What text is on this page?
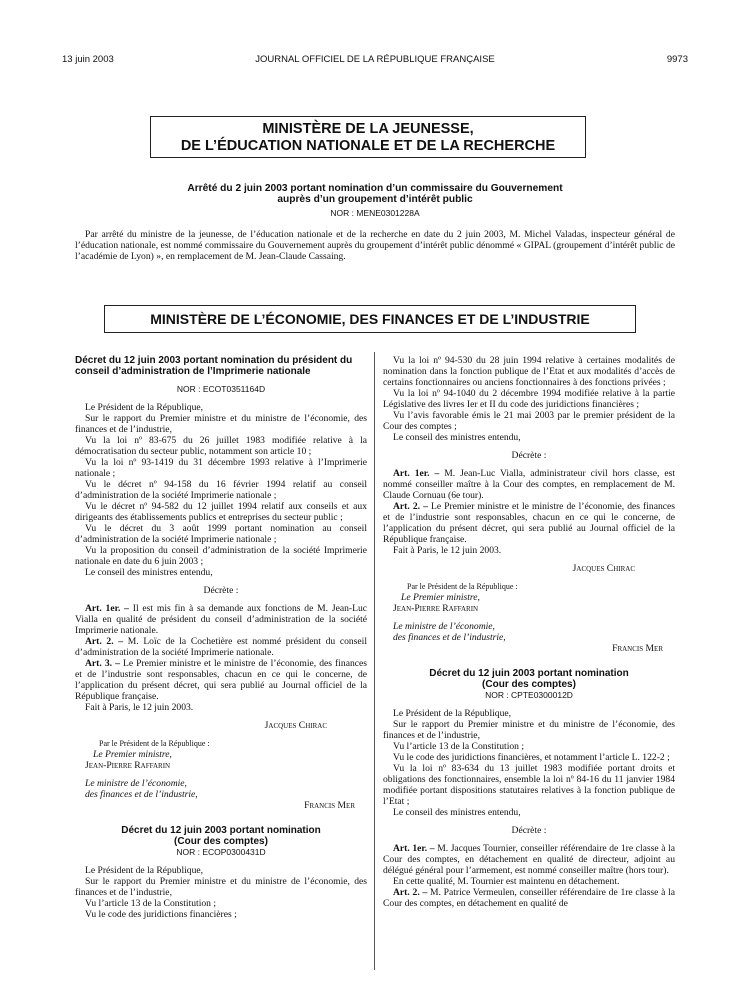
13 juin 2003	JOURNAL OFFICIEL DE LA RÉPUBLIQUE FRANÇAISE	9973
MINISTÈRE DE LA JEUNESSE,
DE L’ÉDUCATION NATIONALE ET DE LA RECHERCHE
Arrêté du 2 juin 2003 portant nomination d’un commissaire du Gouvernement
auprès d’un groupement d’intérêt public
NOR : MENE0301228A
Par arrêté du ministre de la jeunesse, de l’éducation nationale et de la recherche en date du 2 juin 2003, M. Michel Valadas, inspecteur général de l’éducation nationale, est nommé commissaire du Gouvernement auprès du groupement d’intérêt public dénommé « GIPAL (groupement d’intérêt public de l’académie de Lyon) », en remplacement de M. Jean-Claude Cassaing.
MINISTÈRE DE L’ÉCONOMIE, DES FINANCES ET DE L’INDUSTRIE

Décret du 12 juin 2003 portant nomination du président du conseil d’administration de l’Imprimerie nationale

NOR : ECOT0351164D

Le Président de la République,

Sur le rapport du Premier ministre et du ministre de l’économie, des finances et de l’industrie,

Vu la loi nº 83-675 du 26 juillet 1983 modifiée relative à la démocratisation du secteur public, notamment son article 10 ;

Vu la loi nº 93-1419 du 31 décembre 1993 relative à l’Imprimerie nationale ;

Vu le décret nº 94-158 du 16 février 1994 relatif au conseil d’administration de la société Imprimerie nationale ;

Vu le décret nº 94-582 du 12 juillet 1994 relatif aux conseils et aux dirigeants des établissements publics et entreprises du secteur public ;

Vu le décret du 3 août 1999 portant nomination au conseil d’administration de la société Imprimerie nationale ;

Vu la proposition du conseil d’administration de la société Imprimerie nationale en date du 6 juin 2003 ;

Le conseil des ministres entendu,

Décrète :

Art. 1er. – Il est mis fin à sa demande aux fonctions de M. Jean-Luc Vialla en qualité de président du conseil d’administration de la société Imprimerie nationale.

Art. 2. – M. Loïc de la Cochetière est nommé président du conseil d’administration de la société Imprimerie nationale.

Art. 3. – Le Premier ministre et le ministre de l’économie, des finances et de l’industrie sont responsables, chacun en ce qui le concerne, de l’application du présent décret, qui sera publié au Journal officiel de la République française.

Fait à Paris, le 12 juin 2003.

Jacques Chirac

Par le Président de la République :

Le Premier ministre,

Jean-Pierre Raffarin

Le ministre de l’économie,

des finances et de l’industrie,

Francis Mer

Décret du 12 juin 2003 portant nomination

(Cour des comptes)

NOR : ECOP0300431D

Le Président de la République,

Sur le rapport du Premier ministre et du ministre de l’économie, des finances et de l’industrie,

Vu l’article 13 de la Constitution ;

Vu le code des juridictions financières ;

Vu la loi nº 94-530 du 28 juin 1994 relative à certaines modalités de nomination dans la fonction publique de l’Etat et aux modalités d’accès de certains fonctionnaires ou anciens fonctionnaires à des fonctions privées ;

Vu la loi nº 94-1040 du 2 décembre 1994 modifiée relative à la partie Législative des livres Ier et II du code des juridictions financières ;

Vu l’avis favorable émis le 21 mai 2003 par le premier président de la Cour des comptes ;

Le conseil des ministres entendu,

Décrète :

Art. 1er. – M. Jean-Luc Vialla, administrateur civil hors classe, est nommé conseiller maître à la Cour des comptes, en remplacement de M. Claude Cornuau (6e tour).

Art. 2. – Le Premier ministre et le ministre de l’économie, des finances et de l’industrie sont responsables, chacun en ce qui le concerne, de l’application du présent décret, qui sera publié au Journal officiel de la République française.

Fait à Paris, le 12 juin 2003.

Jacques Chirac

Par le Président de la République :

Le Premier ministre,

Jean-Pierre Raffarin

Le ministre de l’économie,

des finances et de l’industrie,

Francis Mer

Décret du 12 juin 2003 portant nomination

(Cour des comptes)

NOR : CPTE0300012D

Le Président de la République,

Sur le rapport du Premier ministre et du ministre de l’économie, des finances et de l’industrie,

Vu l’article 13 de la Constitution ;

Vu le code des juridictions financières, et notamment l’article L. 122-2 ;

Vu la loi nº 83-634 du 13 juillet 1983 modifiée portant droits et obligations des fonctionnaires, ensemble la loi nº 84-16 du 11 janvier 1984 modifiée portant dispositions statutaires relatives à la fonction publique de l’Etat ;

Le conseil des ministres entendu,

Décrète :

Art. 1er. – M. Jacques Tournier, conseiller référendaire de 1re classe à la Cour des comptes, en détachement en qualité de directeur, adjoint au délégué général pour l’armement, est nommé conseiller maître (hors tour).

En cette qualité, M. Tournier est maintenu en détachement.

Art. 2. – M. Patrice Vermeulen, conseiller référendaire de 1re classe à la Cour des comptes, en détachement en qualité de
